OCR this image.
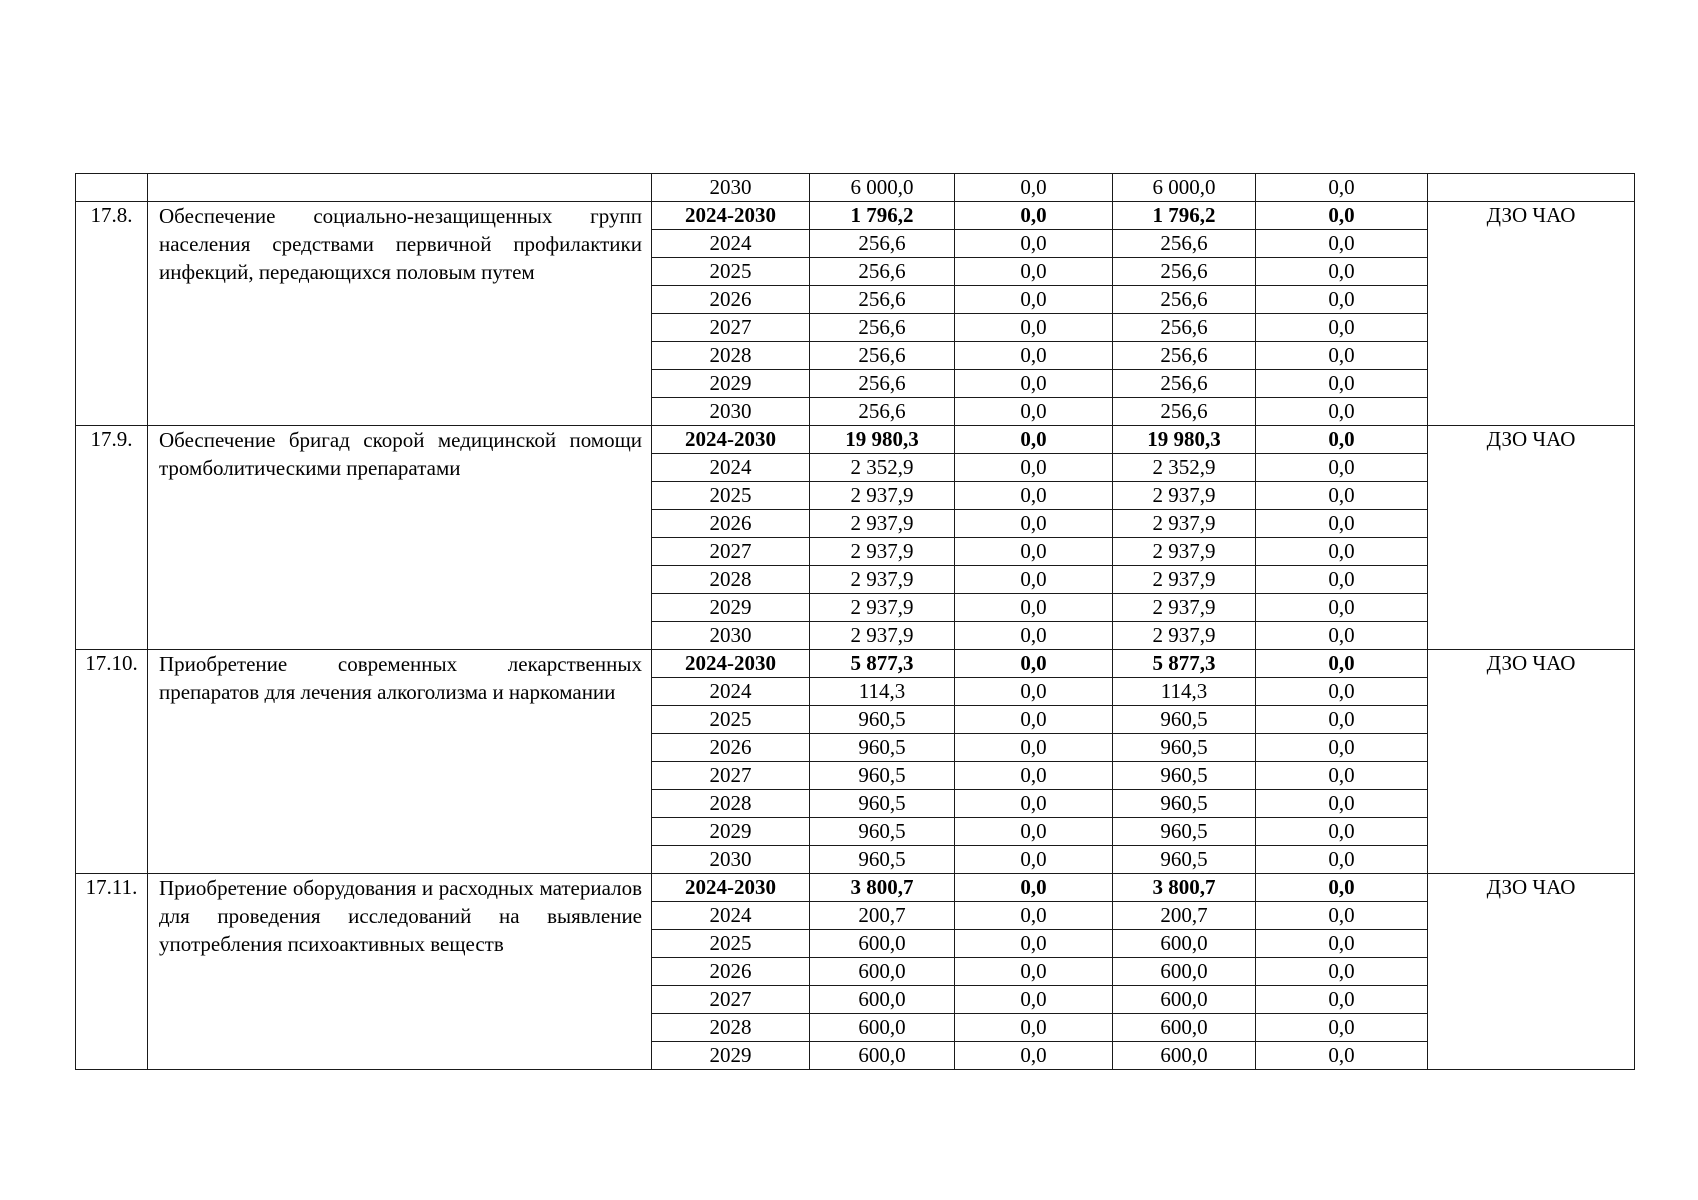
		2030	6 000,0	0,0	6 000,0	0,0	
17.8.	Обеспечение социально-незащищенных групп населения средствами первичной профилактики инфекций, передающихся половым путем	2024-2030	1 796,2	0,0	1 796,2	0,0	ДЗО ЧАО
		2024	256,6	0,0	256,6	0,0	
		2025	256,6	0,0	256,6	0,0	
		2026	256,6	0,0	256,6	0,0	
		2027	256,6	0,0	256,6	0,0	
		2028	256,6	0,0	256,6	0,0	
		2029	256,6	0,0	256,6	0,0	
		2030	256,6	0,0	256,6	0,0	
17.9.	Обеспечение бригад скорой медицинской помощи тромболитическими препаратами	2024-2030	19 980,3	0,0	19 980,3	0,0	ДЗО ЧАО
		2024	2 352,9	0,0	2 352,9	0,0	
		2025	2 937,9	0,0	2 937,9	0,0	
		2026	2 937,9	0,0	2 937,9	0,0	
		2027	2 937,9	0,0	2 937,9	0,0	
		2028	2 937,9	0,0	2 937,9	0,0	
		2029	2 937,9	0,0	2 937,9	0,0	
		2030	2 937,9	0,0	2 937,9	0,0	
17.10.	Приобретение современных лекарственных препаратов для лечения алкоголизма и наркомании	2024-2030	5 877,3	0,0	5 877,3	0,0	ДЗО ЧАО
		2024	114,3	0,0	114,3	0,0	
		2025	960,5	0,0	960,5	0,0	
		2026	960,5	0,0	960,5	0,0	
		2027	960,5	0,0	960,5	0,0	
		2028	960,5	0,0	960,5	0,0	
		2029	960,5	0,0	960,5	0,0	
		2030	960,5	0,0	960,5	0,0	
17.11.	Приобретение оборудования и расходных материалов для проведения исследований на выявление употребления психоактивных веществ	2024-2030	3 800,7	0,0	3 800,7	0,0	ДЗО ЧАО
		2024	200,7	0,0	200,7	0,0	
		2025	600,0	0,0	600,0	0,0	
		2026	600,0	0,0	600,0	0,0	
		2027	600,0	0,0	600,0	0,0	
		2028	600,0	0,0	600,0	0,0	
		2029	600,0	0,0	600,0	0,0	
